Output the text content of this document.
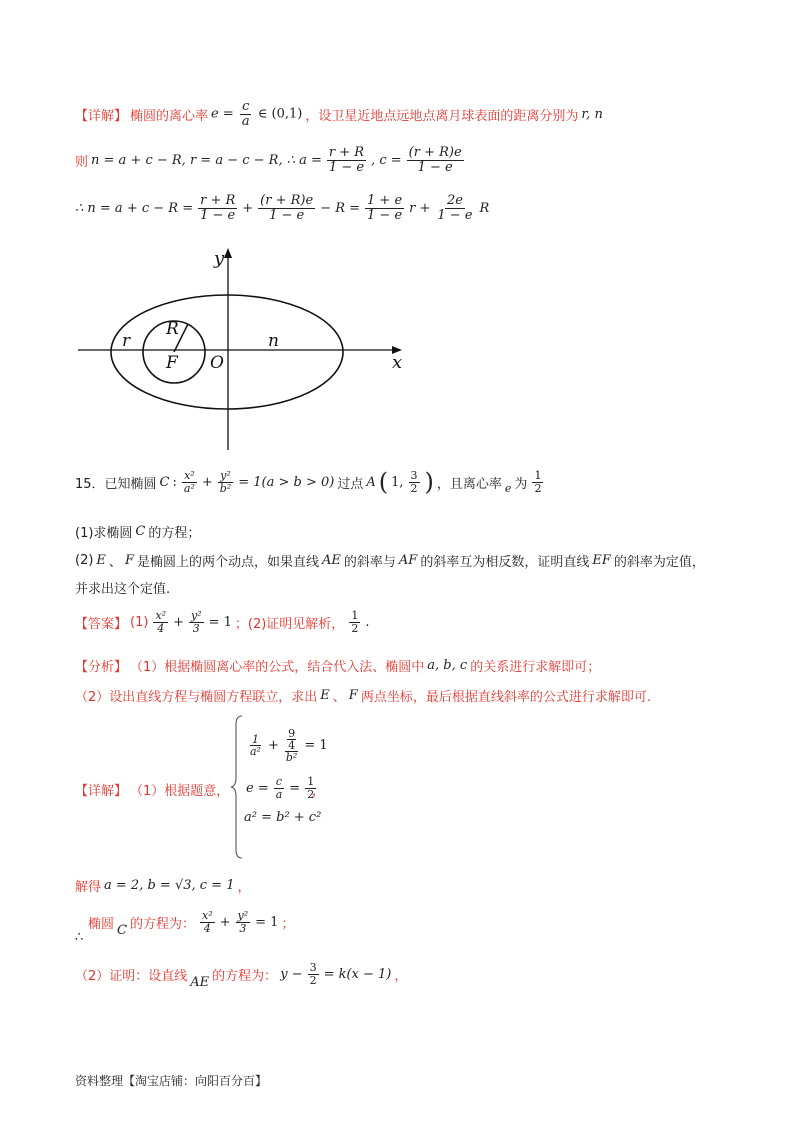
【详解】 椭圆的离心率 $e = \frac{c}{a}$ ∈ (0,1) ，设卫星近地点远地点离月球表面的距离分别为 r, n
则 n = a + c − R, r = a − c − R, ∴ $a = \frac{r + R}{1 - e}$ , $c = \frac{(r + R)e}{1 - e}$
∴ $n = a + c - R = \frac{r + R}{1 - e} + \frac{(r + R)e}{1 - e} - R = \frac{1 + e}{1 - e}$ $r + \frac{2e}{1 - e}$ R
y
x
r
R
F O
n
15．已知椭圆 C : $\frac{\text{x²}}{\text{a²}} + \frac{\text{y²}}{\text{b²}} = 1(a > b > 0)$ 过点 A ( 1, $\frac{3}{2}$ ) ，且离心率 e 为 $\frac{1}{2}$
(1)求椭圆 C 的方程；
(2) E 、 F 是椭圆上的两个动点，如果直线 AE 的斜率与 AF 的斜率互为相反数，证明直线 EF 的斜率为定值，
并求出这个定值.
【答案】 $(1) \frac{\text{x²}}{4} + \frac{\text{y²}}{3} = 1$ ；(2)证明见解析， $\frac{1}{2}$ .
【分析】 （1）根据椭圆离心率的公式，结合代入法、椭圆中 a, b, c 的关系进行求解即可；
（2）设出直线方程与椭圆方程联立，求出 E 、 F 两点坐标，最后根据直线斜率的公式进行求解即可.
【详解】 （1）根据题意，
$\frac{1}{\text{a²}} + 9$
4
b² = 1
$e = \frac{c}{a} = \frac{1}{2}$
a² = b² + c²
，
解得 a = 2, b = √3, c = 1 ，
∴
椭圆 C 的方程为： $\frac{\text{x²}}{4} + \frac{\text{y²}}{3} = 1$ ；
（2）证明：设直线 AE 的方程为： $y - \frac{3}{2} = k(x - 1)$ ，
资料整理【淘宝店铺：向阳百分百】
